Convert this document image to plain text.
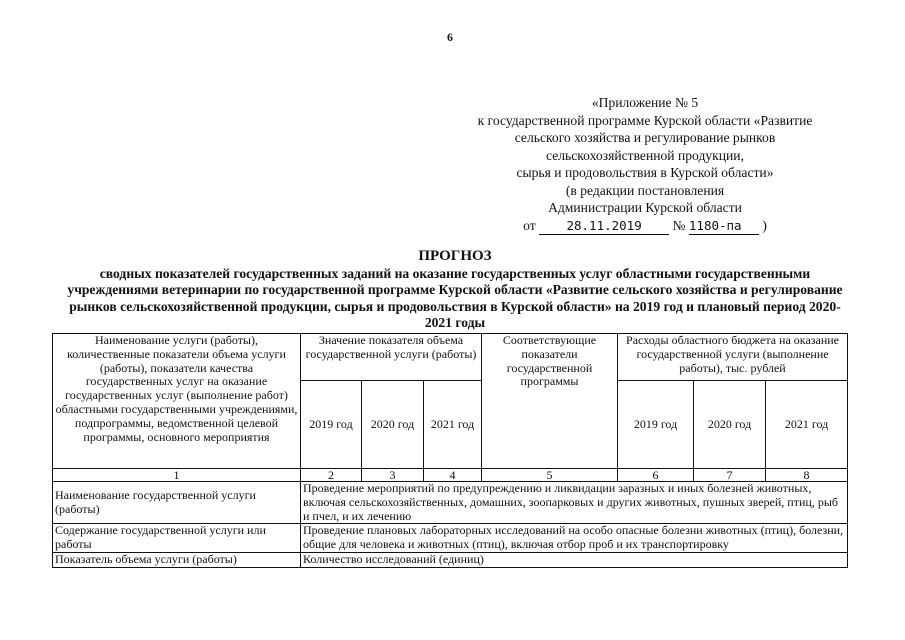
6
«Приложение № 5
к государственной программе Курской области «Развитие
сельского хозяйства и регулирование рынков
сельскохозяйственной продукции,
сырья и продовольствия в Курской области»
(в редакции постановления
Администрации Курской области
от 28.11.2019 № 1180-па )
ПРОГНОЗ
сводных показателей государственных заданий на оказание государственных услуг областными государственными учреждениями ветеринарии по государственной программе Курской области «Развитие сельского хозяйства и регулирование рынков сельскохозяйственной продукции, сырья и продовольствия в Курской области» на 2019 год и плановый период 2020-2021 годы
Наименование услуги (работы), количественные показатели объема услуги (работы), показатели качества государственных услуг на оказание государственных услуг (выполнение работ) областными государственными учреждениями, подпрограммы, ведомственной целевой программы, основного мероприятия	Значение показателя объема государственной услуги (работы)			Соответствующие показатели государственной программы	Расходы областного бюджета на оказание государственной услуги (выполнение работы), тыс. рублей		
	2019 год	2020 год	2021 год		2019 год	2020 год	2021 год
1	2	3	4	5	6	7	8
Наименование государственной услуги (работы)	Проведение мероприятий по предупреждению и ликвидации заразных и иных болезней животных, включая сельскохозяйственных, домашних, зоопарковых и других животных, пушных зверей, птиц, рыб и пчел, и их лечению						
Содержание государственной услуги или работы	Проведение плановых лабораторных исследований на особо опасные болезни животных (птиц), болезни, общие для человека и животных (птиц), включая отбор проб и их транспортировку						
Показатель объема услуги (работы)	Количество исследований (единиц)						
